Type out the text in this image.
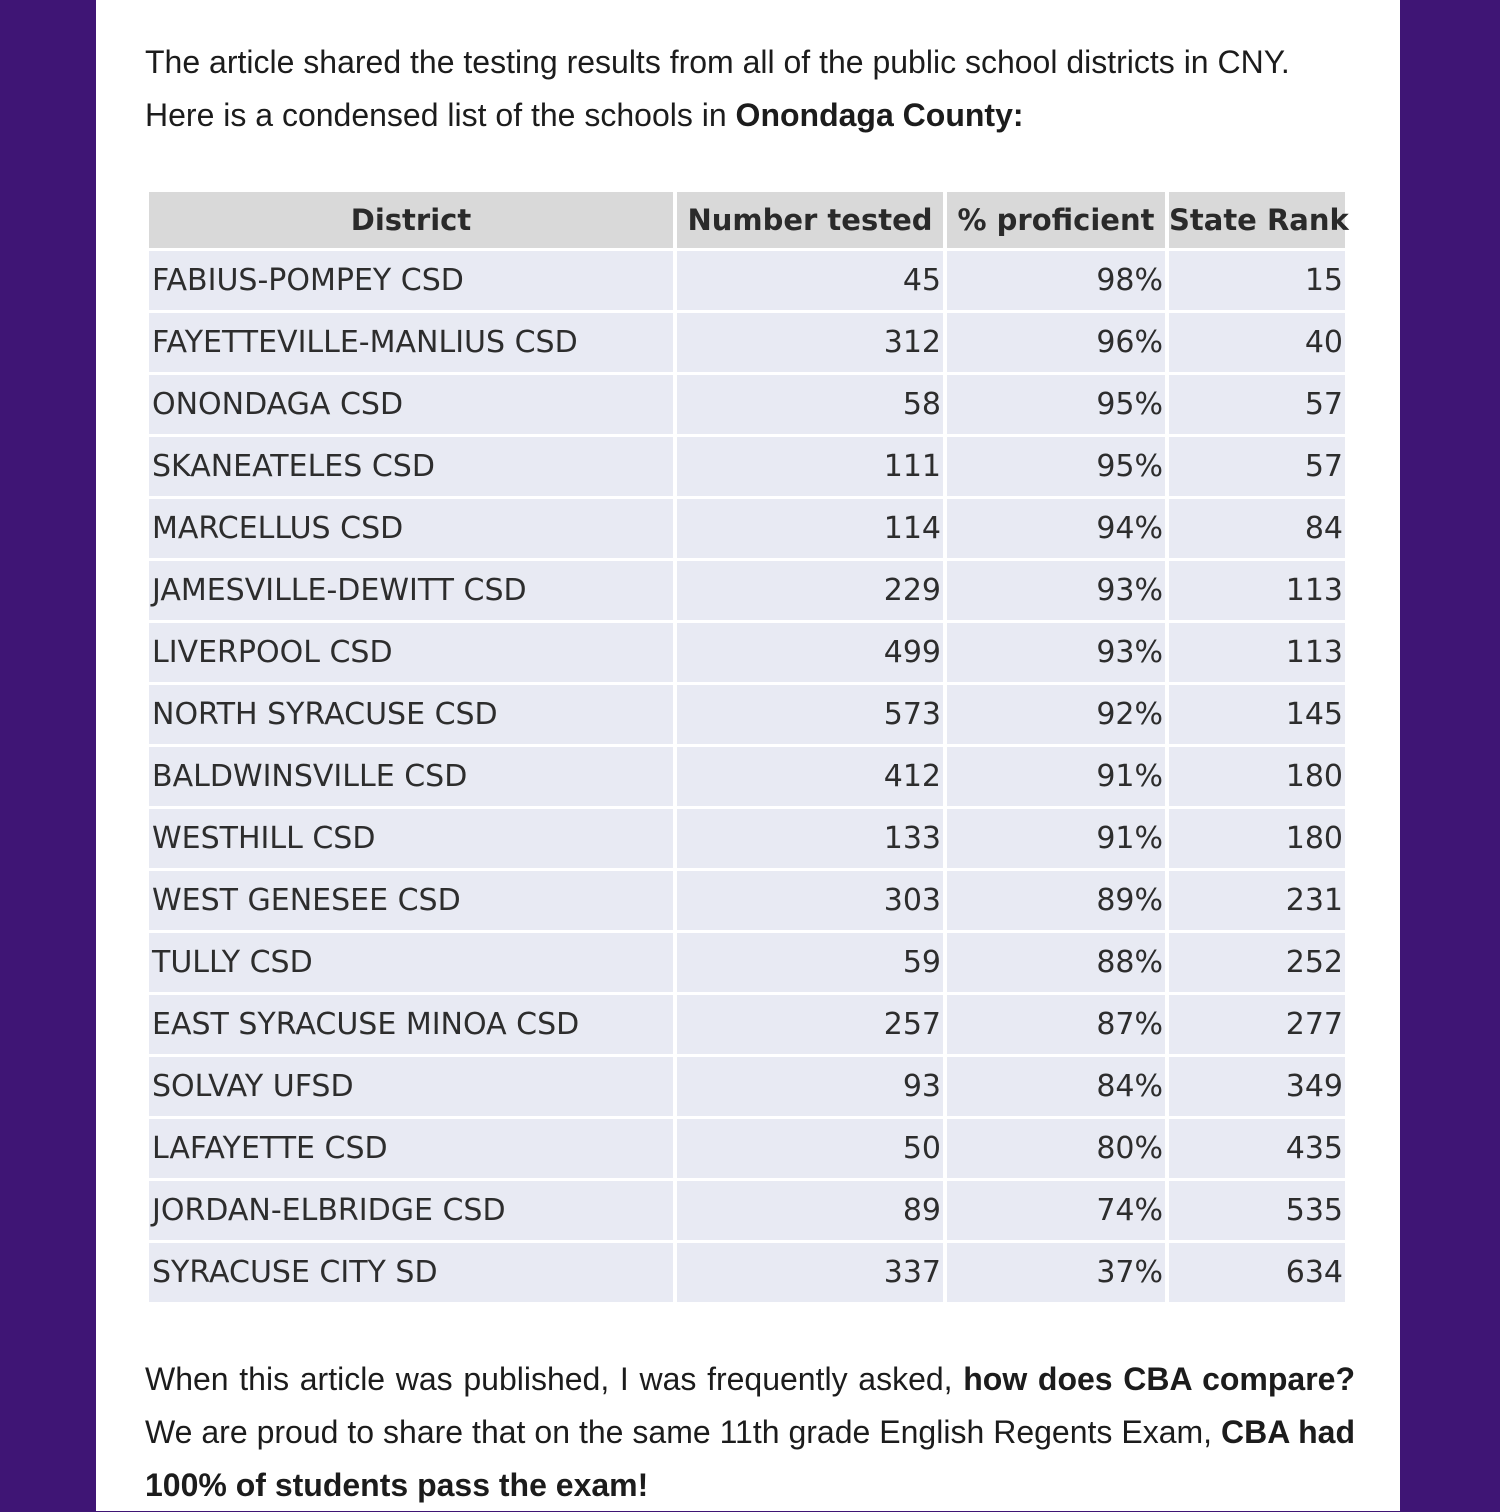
The article shared the testing results from all of the public school districts in CNY. Here is a condensed list of the schools in Onondaga County:

District	Number tested	% proficient	State Rank
FABIUS-POMPEY CSD	45	98%	15
FAYETTEVILLE-MANLIUS CSD	312	96%	40
ONONDAGA CSD	58	95%	57
SKANEATELES CSD	111	95%	57
MARCELLUS CSD	114	94%	84
JAMESVILLE-DEWITT CSD	229	93%	113
LIVERPOOL CSD	499	93%	113
NORTH SYRACUSE CSD	573	92%	145
BALDWINSVILLE CSD	412	91%	180
WESTHILL CSD	133	91%	180
WEST GENESEE CSD	303	89%	231
TULLY CSD	59	88%	252
EAST SYRACUSE MINOA CSD	257	87%	277
SOLVAY UFSD	93	84%	349
LAFAYETTE CSD	50	80%	435
JORDAN-ELBRIDGE CSD	89	74%	535
SYRACUSE CITY SD	337	37%	634

When this article was published, I was frequently asked, how does CBA compare? We are proud to share that on the same 11th grade English Regents Exam, CBA had 100% of students pass the exam!
